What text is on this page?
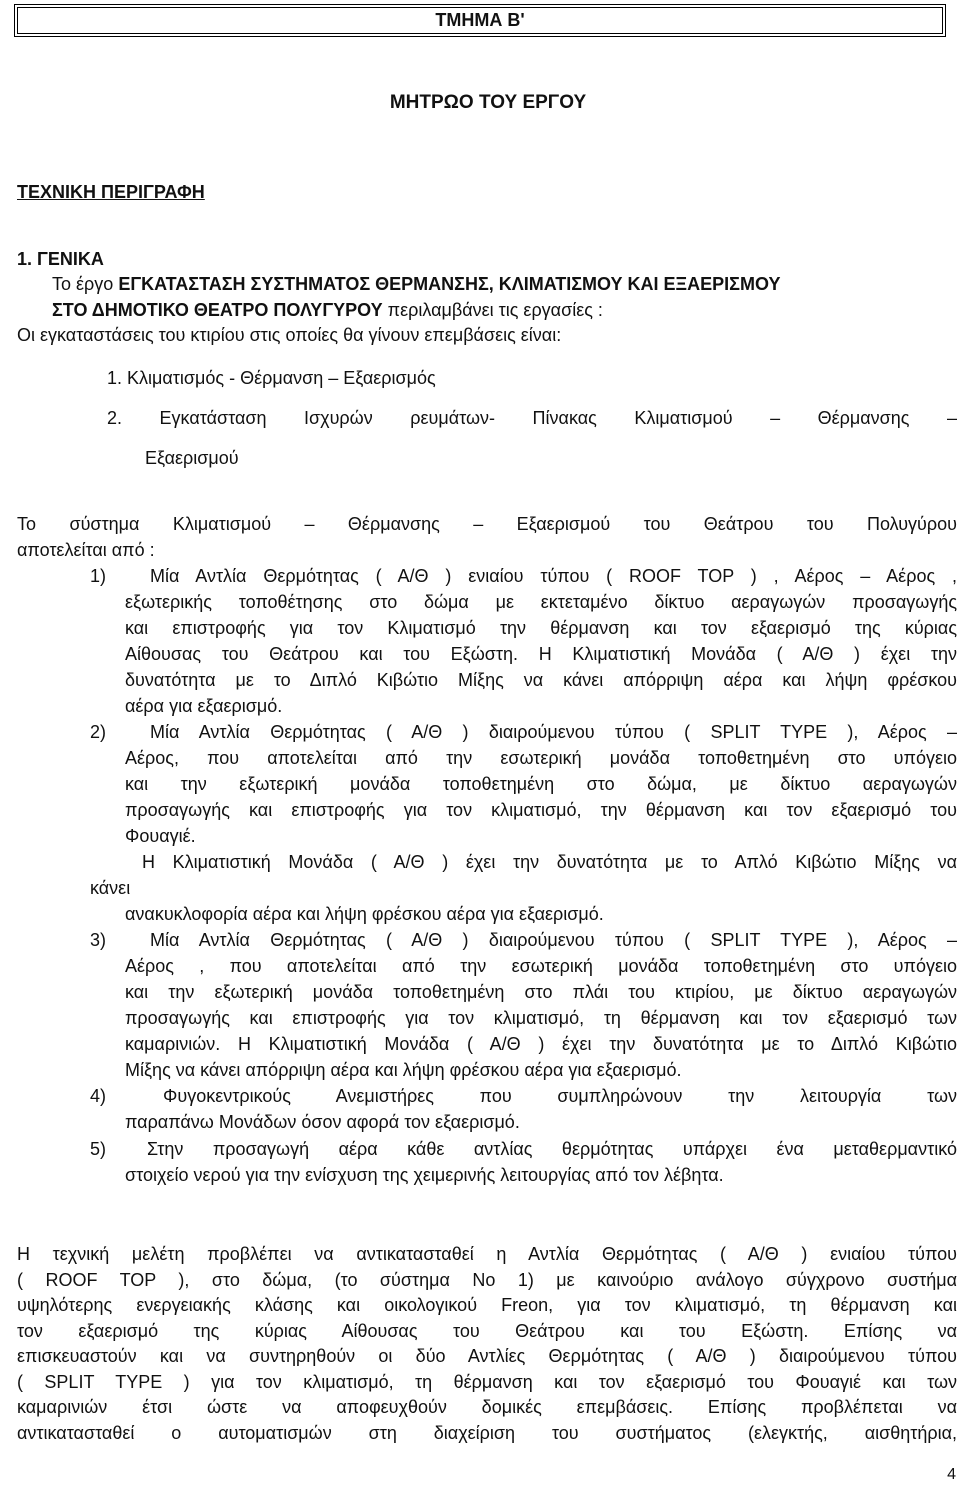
ΤΜΗΜΑ Β'
ΜΗΤΡΩΟ ΤΟΥ ΕΡΓΟΥ
ΤΕΧΝΙΚΗ ΠΕΡΙΓΡΑΦΗ
1. ΓΕΝΙΚΑ
Το έργο ΕΓΚΑΤΑΣΤΑΣΗ ΣΥΣΤΗΜΑΤΟΣ ΘΕΡΜΑΝΣΗΣ, ΚΛΙΜΑΤΙΣΜΟΥ ΚΑΙ ΕΞΑΕΡΙΣΜΟΥ
ΣΤΟ ΔΗΜΟΤΙΚΟ ΘΕΑΤΡΟ ΠΟΛΥΓΥΡΟΥ περιλαμβάνει τις εργασίες :
Οι εγκαταστάσεις του κτιρίου στις οποίες θα γίνουν επεμβάσεις είναι:
1. Κλιματισμός - Θέρμανση – Εξαερισμός
2. Εγκατάσταση Ισχυρών ρευμάτων- Πίνακας Κλιματισμού – Θέρμανσης –
Εξαερισμού
Το σύστημα Κλιματισμού – Θέρμανσης – Εξαερισμού του Θεάτρου του Πολυγύρου
αποτελείται από :
1) Μία Αντλία Θερμότητας ( Α/Θ ) ενιαίου τύπου ( ROOF TOP ) , Αέρος – Αέρος ,
εξωτερικής τοποθέτησης στο δώμα με εκτεταμένο δίκτυο αεραγωγών προσαγωγής
και επιστροφής για τον Κλιματισμό την θέρμανση και τον εξαερισμό της κύριας
Αίθουσας του Θεάτρου και του Εξώστη. Η Κλιματιστική Μονάδα ( Α/Θ ) έχει την
δυνατότητα με το Διπλό Κιβώτιο Μίξης να κάνει απόρριψη αέρα και λήψη φρέσκου
αέρα για εξαερισμό.
2) Μία Αντλία Θερμότητας ( Α/Θ ) διαιρούμενου τύπου ( SPLIT TYPE ), Αέρος –
Αέρος, που αποτελείται από την εσωτερική μονάδα τοποθετημένη στο υπόγειο
και την εξωτερική μονάδα τοποθετημένη στο δώμα, με δίκτυο αεραγωγών
προσαγωγής και επιστροφής για τον κλιματισμό, την θέρμανση και τον εξαερισμό του
Φουαγιέ.
Η Κλιματιστική Μονάδα ( Α/Θ ) έχει την δυνατότητα με το Απλό Κιβώτιο Μίξης να
κάνει
ανακυκλοφορία αέρα και λήψη φρέσκου αέρα για εξαερισμό.
3) Μία Αντλία Θερμότητας ( Α/Θ ) διαιρούμενου τύπου ( SPLIT TYPE ), Αέρος –
Αέρος , που αποτελείται από την εσωτερική μονάδα τοποθετημένη στο υπόγειο
και την εξωτερική μονάδα τοποθετημένη στο πλάι του κτιρίου, με δίκτυο αεραγωγών
προσαγωγής και επιστροφής για τον κλιματισμό, τη θέρμανση και τον εξαερισμό των
καμαρινιών. Η Κλιματιστική Μονάδα ( Α/Θ ) έχει την δυνατότητα με το Διπλό Κιβώτιο
Μίξης να κάνει απόρριψη αέρα και λήψη φρέσκου αέρα για εξαερισμό.
4)	Φυγοκεντρικούς Ανεμιστήρες που συμπληρώνουν την λειτουργία των
παραπάνω Μονάδων όσον αφορά τον εξαερισμό.
5) Στην προσαγωγή αέρα κάθε αντλίας θερμότητας υπάρχει ένα μεταθερμαντικό
στοιχείο νερού για την ενίσχυση της χειμερινής λειτουργίας από τον λέβητα.
Η τεχνική μελέτη προβλέπει να αντικατασταθεί η Αντλία Θερμότητας ( Α/Θ ) ενιαίου τύπου
( ROOF TOP ), στο δώμα, (το σύστημα Νο 1) με καινούριο ανάλογο σύγχρονο συστήμα
υψηλότερης ενεργειακής κλάσης και οικολογικού Freon, για τον κλιματισμό, τη θέρμανση και
τον εξαερισμό της κύριας Αίθουσας του Θεάτρου και του Εξώστη. Επίσης να
επισκευαστούν και να συντηρηθούν οι δύο Αντλίες Θερμότητας ( Α/Θ ) διαιρούμενου τύπου
( SPLIT TYPE ) για τον κλιματισμό, τη θέρμανση και τον εξαερισμό του Φουαγιέ και των
καμαρινιών έτσι ώστε να αποφευχθούν δομικές επεμβάσεις. Επίσης προβλέπεται να
αντικατασταθεί ο αυτοματισμών στη διαχείριση του συστήματος (ελεγκτής, αισθητήρια,
4
